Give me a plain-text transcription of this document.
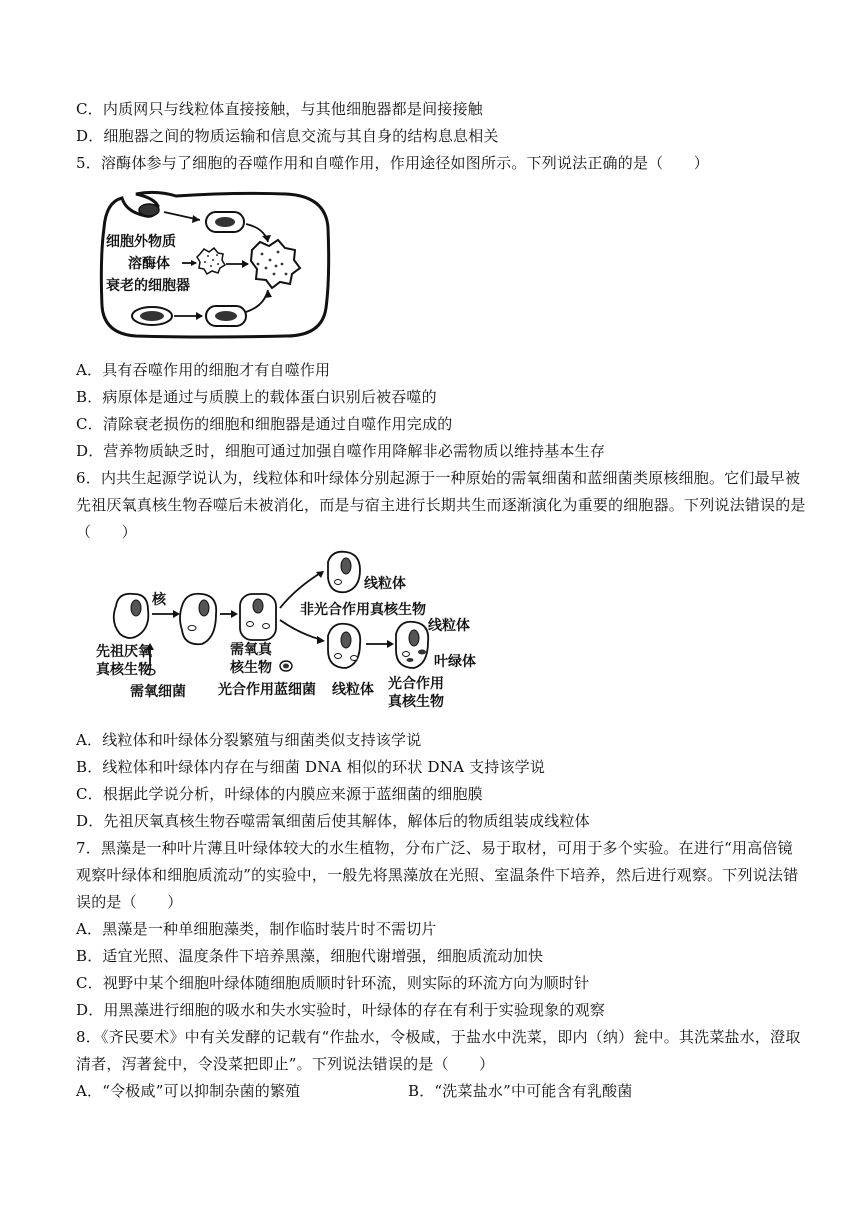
C．内质网只与线粒体直接接触，与其他细胞器都是间接接触
D．细胞器之间的物质运输和信息交流与其自身的结构息息相关
5．溶酶体参与了细胞的吞噬作用和自噬作用，作用途径如图所示。下列说法正确的是（　　）
细胞外物质
溶酶体
衰老的细胞器
A．具有吞噬作用的细胞才有自噬作用
B．病原体是通过与质膜上的载体蛋白识别后被吞噬的
C．清除衰老损伤的细胞和细胞器是通过自噬作用完成的
D．营养物质缺乏时，细胞可通过加强自噬作用降解非必需物质以维持基本生存
6．内共生起源学说认为，线粒体和叶绿体分别起源于一种原始的需氧细菌和蓝细菌类原核细胞。它们最早被
先祖厌氧真核生物吞噬后未被消化，而是与宿主进行长期共生而逐渐演化为重要的细胞器。下列说法错误的是
（　　）
核
先祖厌氧
真核生物
需氧细菌
需氧真
核生物
光合作用蓝细菌
线粒体
非光合作用真核生物
线粒体
叶绿体
线粒体 光合作用
真核生物
A．线粒体和叶绿体分裂繁殖与细菌类似支持该学说
B．线粒体和叶绿体内存在与细菌 DNA 相似的环状 DNA 支持该学说
C．根据此学说分析，叶绿体的内膜应来源于蓝细菌的细胞膜
D．先祖厌氧真核生物吞噬需氧细菌后使其解体，解体后的物质组装成线粒体
7．黑藻是一种叶片薄且叶绿体较大的水生植物，分布广泛、易于取材，可用于多个实验。在进行“用高倍镜
观察叶绿体和细胞质流动”的实验中，一般先将黑藻放在光照、室温条件下培养，然后进行观察。下列说法错
误的是（　　）
A．黑藻是一种单细胞藻类，制作临时装片时不需切片
B．适宜光照、温度条件下培养黑藻，细胞代谢增强，细胞质流动加快
C．视野中某个细胞叶绿体随细胞质顺时针环流，则实际的环流方向为顺时针
D．用黑藻进行细胞的吸水和失水实验时，叶绿体的存在有利于实验现象的观察
8．《齐民要术》中有关发酵的记载有“作盐水，令极咸，于盐水中洗菜，即内（纳）瓮中。其洗菜盐水，澄取
清者，泻著瓮中，令没菜把即止”。下列说法错误的是（　　）
A．“令极咸”可以抑制杂菌的繁殖	B．“洗菜盐水”中可能含有乳酸菌
